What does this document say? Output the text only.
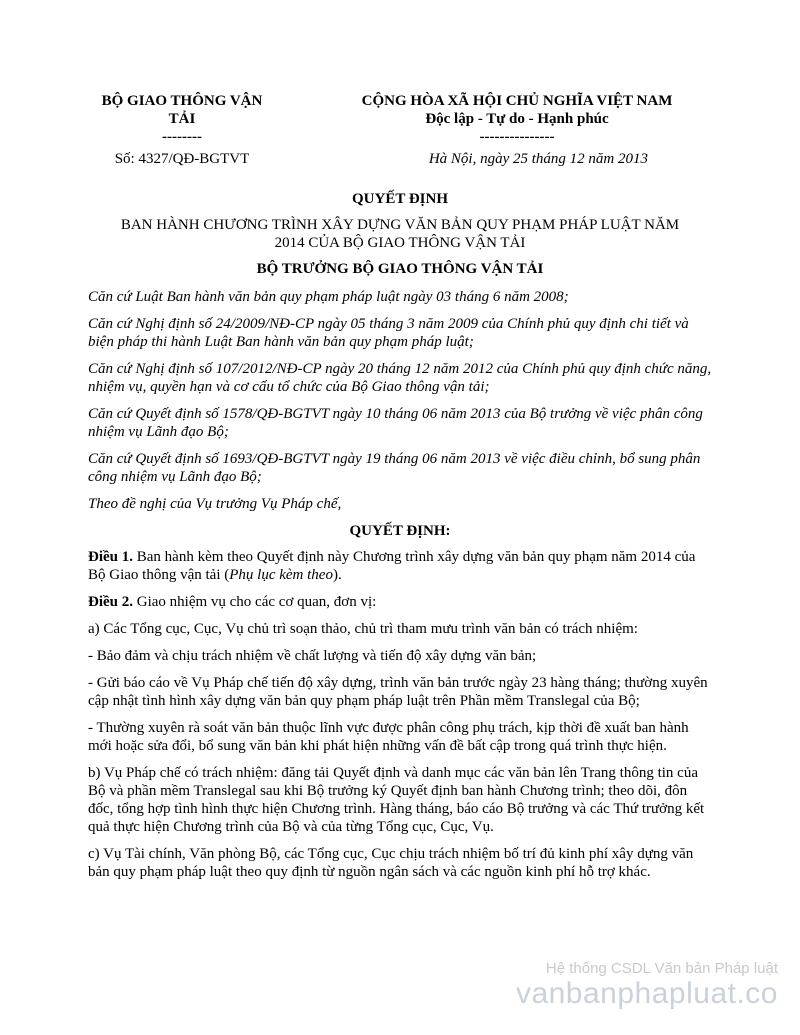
BỘ GIAO THÔNG VẬN
TẢI
--------
Số: 4327/QĐ-BGTVT
CỘNG HÒA XÃ HỘI CHỦ NGHĨA VIỆT NAM
Độc lập - Tự do - Hạnh phúc
---------------
Hà Nội, ngày 25 tháng 12 năm 2013
QUYẾT ĐỊNH
BAN HÀNH CHƯƠNG TRÌNH XÂY DỰNG VĂN BẢN QUY PHẠM PHÁP LUẬT NĂM 2014 CỦA BỘ GIAO THÔNG VẬN TẢI
BỘ TRƯỞNG BỘ GIAO THÔNG VẬN TẢI

Căn cứ Luật Ban hành văn bản quy phạm pháp luật ngày 03 tháng 6 năm 2008;

Căn cứ Nghị định số 24/2009/NĐ-CP ngày 05 tháng 3 năm 2009 của Chính phủ quy định chi tiết và biện pháp thi hành Luật Ban hành văn bản quy phạm pháp luật;

Căn cứ Nghị định số 107/2012/NĐ-CP ngày 20 tháng 12 năm 2012 của Chính phủ quy định chức năng, nhiệm vụ, quyền hạn và cơ cấu tổ chức của Bộ Giao thông vận tải;

Căn cứ Quyết định số 1578/QĐ-BGTVT ngày 10 tháng 06 năm 2013 của Bộ trưởng về việc phân công nhiệm vụ Lãnh đạo Bộ;

Căn cứ Quyết định số 1693/QĐ-BGTVT ngày 19 tháng 06 năm 2013 về việc điều chỉnh, bổ sung phân công nhiệm vụ Lãnh đạo Bộ;

Theo đề nghị của Vụ trưởng Vụ Pháp chế,

QUYẾT ĐỊNH:

Điều 1. Ban hành kèm theo Quyết định này Chương trình xây dựng văn bản quy phạm năm 2014 của Bộ Giao thông vận tải (Phụ lục kèm theo).

Điều 2. Giao nhiệm vụ cho các cơ quan, đơn vị:

a) Các Tổng cục, Cục, Vụ chủ trì soạn thảo, chủ trì tham mưu trình văn bản có trách nhiệm:

- Bảo đảm và chịu trách nhiệm về chất lượng và tiến độ xây dựng văn bản;

- Gửi báo cáo về Vụ Pháp chế tiến độ xây dựng, trình văn bản trước ngày 23 hàng tháng; thường xuyên cập nhật tình hình xây dựng văn bản quy phạm pháp luật trên Phần mềm Translegal của Bộ;

- Thường xuyên rà soát văn bản thuộc lĩnh vực được phân công phụ trách, kịp thời đề xuất ban hành mới hoặc sửa đổi, bổ sung văn bản khi phát hiện những vấn đề bất cập trong quá trình thực hiện.

b) Vụ Pháp chế có trách nhiệm: đăng tải Quyết định và danh mục các văn bản lên Trang thông tin của Bộ và phần mềm Translegal sau khi Bộ trưởng ký Quyết định ban hành Chương trình; theo dõi, đôn đốc, tổng hợp tình hình thực hiện Chương trình. Hàng tháng, báo cáo Bộ trưởng và các Thứ trưởng kết quả thực hiện Chương trình của Bộ và của từng Tổng cục, Cục, Vụ.

c) Vụ Tài chính, Văn phòng Bộ, các Tổng cục, Cục chịu trách nhiệm bố trí đủ kinh phí xây dựng văn bản quy phạm pháp luật theo quy định từ nguồn ngân sách và các nguồn kinh phí hỗ trợ khác.

Hệ thống CSDL Văn bản Pháp luật
vanbanphapluat.co
